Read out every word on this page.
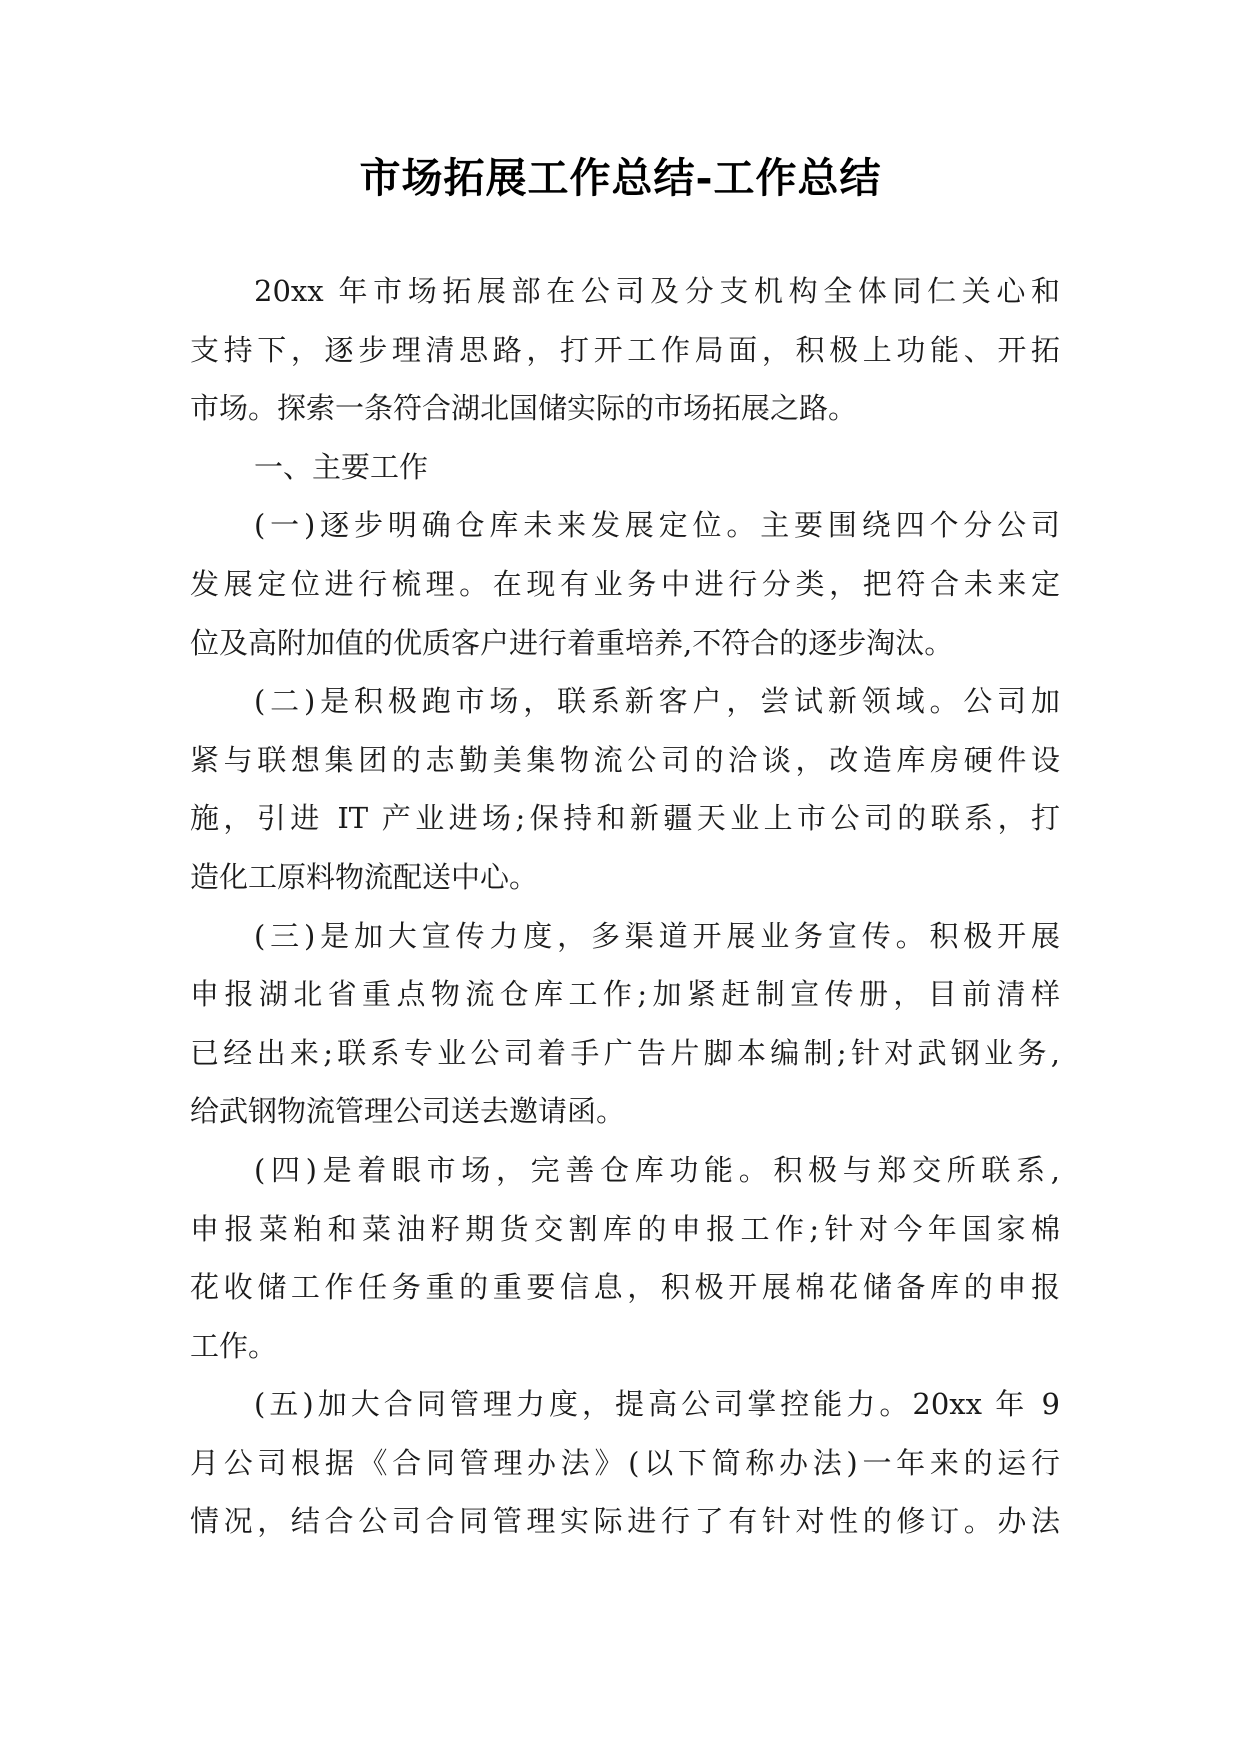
市场拓展工作总结-工作总结
20xx 年市场拓展部在公司及分支机构全体同仁关心和
支持下，逐步理清思路，打开工作局面，积极上功能、开拓
市场。探索一条符合湖北国储实际的市场拓展之路。
一、主要工作
(一)逐步明确仓库未来发展定位。主要围绕四个分公司
发展定位进行梳理。在现有业务中进行分类，把符合未来定
位及高附加值的优质客户进行着重培养,不符合的逐步淘汰。
(二)是积极跑市场，联系新客户，尝试新领域。公司加
紧与联想集团的志勤美集物流公司的洽谈，改造库房硬件设
施，引进 IT 产业进场;保持和新疆天业上市公司的联系，打
造化工原料物流配送中心。
(三)是加大宣传力度，多渠道开展业务宣传。积极开展
申报湖北省重点物流仓库工作;加紧赶制宣传册，目前清样
已经出来;联系专业公司着手广告片脚本编制;针对武钢业务,
给武钢物流管理公司送去邀请函。
(四)是着眼市场，完善仓库功能。积极与郑交所联系,
申报菜粕和菜油籽期货交割库的申报工作;针对今年国家棉
花收储工作任务重的重要信息，积极开展棉花储备库的申报
工作。
(五)加大合同管理力度，提高公司掌控能力。20xx 年 9
月公司根据《合同管理办法》(以下简称办法)一年来的运行
情况，结合公司合同管理实际进行了有针对性的修订。办法
